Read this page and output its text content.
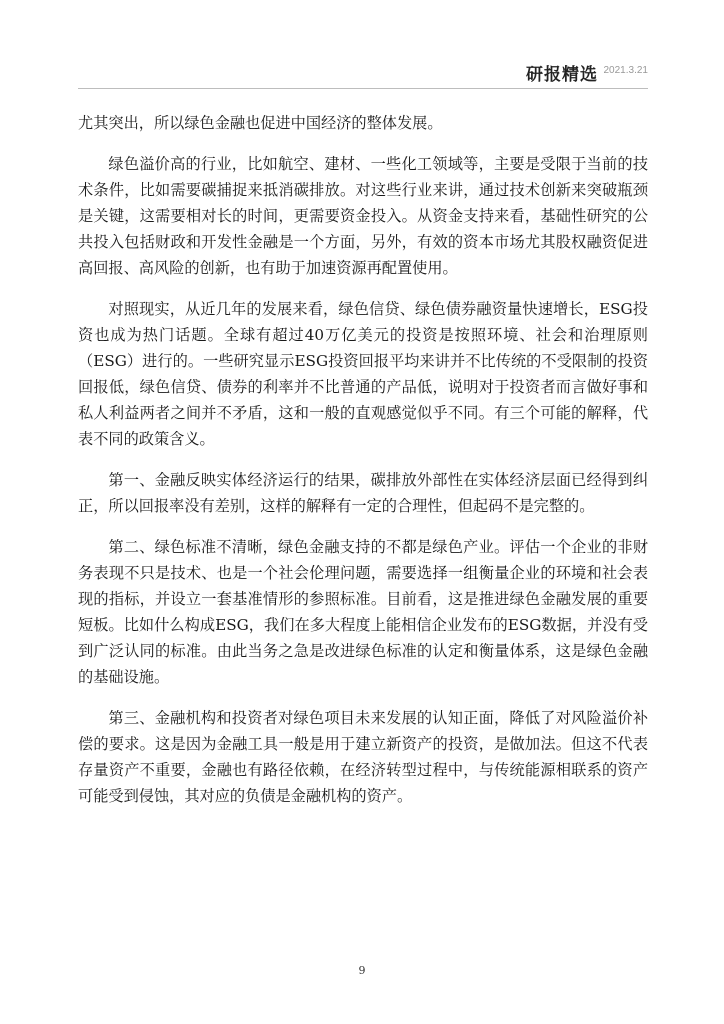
研报精选 2021.3.21

尤其突出，所以绿色金融也促进中国经济的整体发展。

绿色溢价高的行业，比如航空、建材、一些化工领域等，主要是受限于当前的技术条件，比如需要碳捕捉来抵消碳排放。对这些行业来讲，通过技术创新来突破瓶颈是关键，这需要相对长的时间，更需要资金投入。从资金支持来看，基础性研究的公共投入包括财政和开发性金融是一个方面，另外，有效的资本市场尤其股权融资促进高回报、高风险的创新，也有助于加速资源再配置使用。

对照现实，从近几年的发展来看，绿色信贷、绿色债券融资量快速增长，ESG投资也成为热门话题。全球有超过40万亿美元的投资是按照环境、社会和治理原则（ESG）进行的。一些研究显示ESG投资回报平均来讲并不比传统的不受限制的投资回报低，绿色信贷、债券的利率并不比普通的产品低，说明对于投资者而言做好事和私人利益两者之间并不矛盾，这和一般的直观感觉似乎不同。有三个可能的解释，代表不同的政策含义。

第一、金融反映实体经济运行的结果，碳排放外部性在实体经济层面已经得到纠正，所以回报率没有差别，这样的解释有一定的合理性，但起码不是完整的。

第二、绿色标准不清晰，绿色金融支持的不都是绿色产业。评估一个企业的非财务表现不只是技术、也是一个社会伦理问题，需要选择一组衡量企业的环境和社会表现的指标，并设立一套基准情形的参照标准。目前看，这是推进绿色金融发展的重要短板。比如什么构成ESG，我们在多大程度上能相信企业发布的ESG数据，并没有受到广泛认同的标准。由此当务之急是改进绿色标准的认定和衡量体系，这是绿色金融的基础设施。

第三、金融机构和投资者对绿色项目未来发展的认知正面，降低了对风险溢价补偿的要求。这是因为金融工具一般是用于建立新资产的投资，是做加法。但这不代表存量资产不重要，金融也有路径依赖，在经济转型过程中，与传统能源相联系的资产可能受到侵蚀，其对应的负债是金融机构的资产。

9
